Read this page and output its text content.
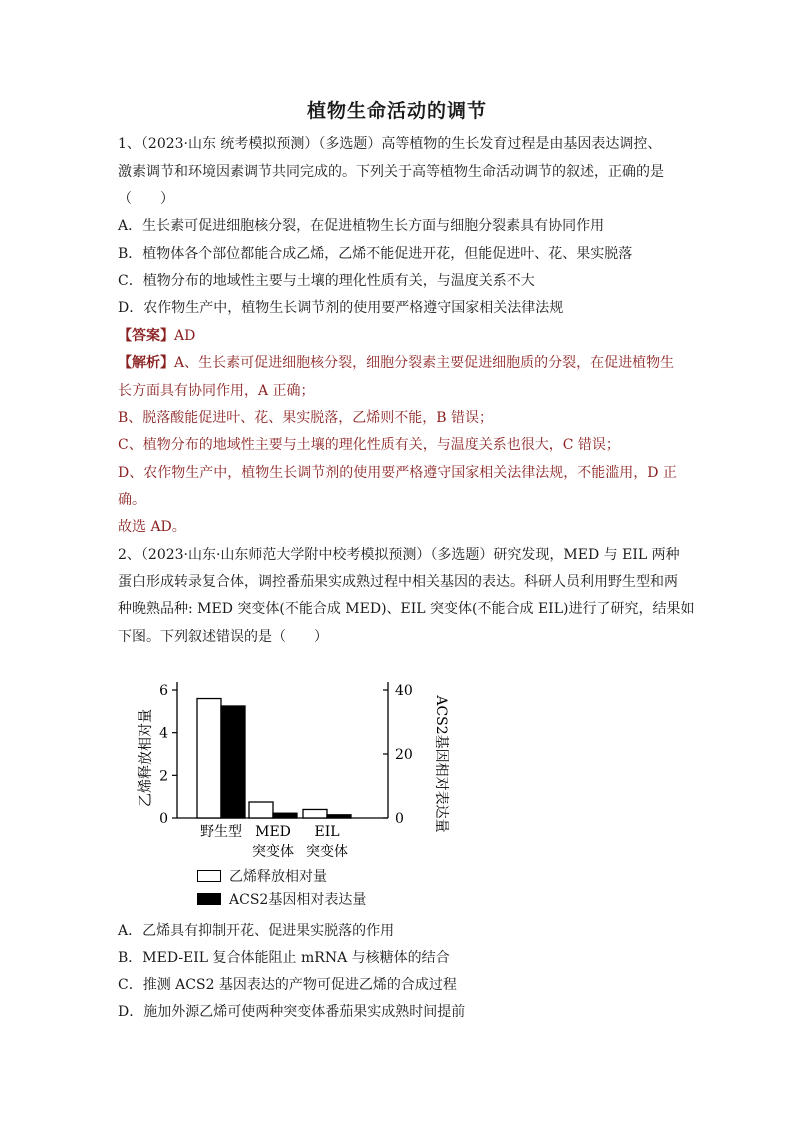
植物生命活动的调节
1、（2023·山东 统考模拟预测）（多选题）高等植物的生长发育过程是由基因表达调控、
激素调节和环境因素调节共同完成的。下列关于高等植物生命活动调节的叙述，正确的是
（　　）
A．生长素可促进细胞核分裂，在促进植物生长方面与细胞分裂素具有协同作用
B．植物体各个部位都能合成乙烯，乙烯不能促进开花，但能促进叶、花、果实脱落
C．植物分布的地域性主要与土壤的理化性质有关，与温度关系不大
D．农作物生产中，植物生长调节剂的使用要严格遵守国家相关法律法规
【答案】AD
【解析】A、生长素可促进细胞核分裂，细胞分裂素主要促进细胞质的分裂，在促进植物生
长方面具有协同作用，A 正确；
B、脱落酸能促进叶、花、果实脱落，乙烯则不能，B 错误；
C、植物分布的地域性主要与土壤的理化性质有关，与温度关系也很大，C 错误；
D、农作物生产中，植物生长调节剂的使用要严格遵守国家相关法律法规，不能滥用，D 正
确。
故选 AD。
2、（2023·山东·山东师范大学附中校考模拟预测）（多选题）研究发现，MED 与 EIL 两种
蛋白形成转录复合体，调控番茄果实成熟过程中相关基因的表达。科研人员利用野生型和两
种晚熟品种: MED 突变体(不能合成 MED)、EIL 突变体(不能合成 EIL)进行了研究，结果如
下图。下列叙述错误的是（　　）
0
2
4
6
0
20
40
野生型 MED
突变体
EIL
突变体
乙烯释放相对量	ACS2基因相对表达量
乙烯释放相对量
ACS2基因相对表达量
A．乙烯具有抑制开花、促进果实脱落的作用
B．MED-EIL 复合体能阻止 mRNA 与核糖体的结合
C．推测 ACS2 基因表达的产物可促进乙烯的合成过程
D．施加外源乙烯可使两种突变体番茄果实成熟时间提前
